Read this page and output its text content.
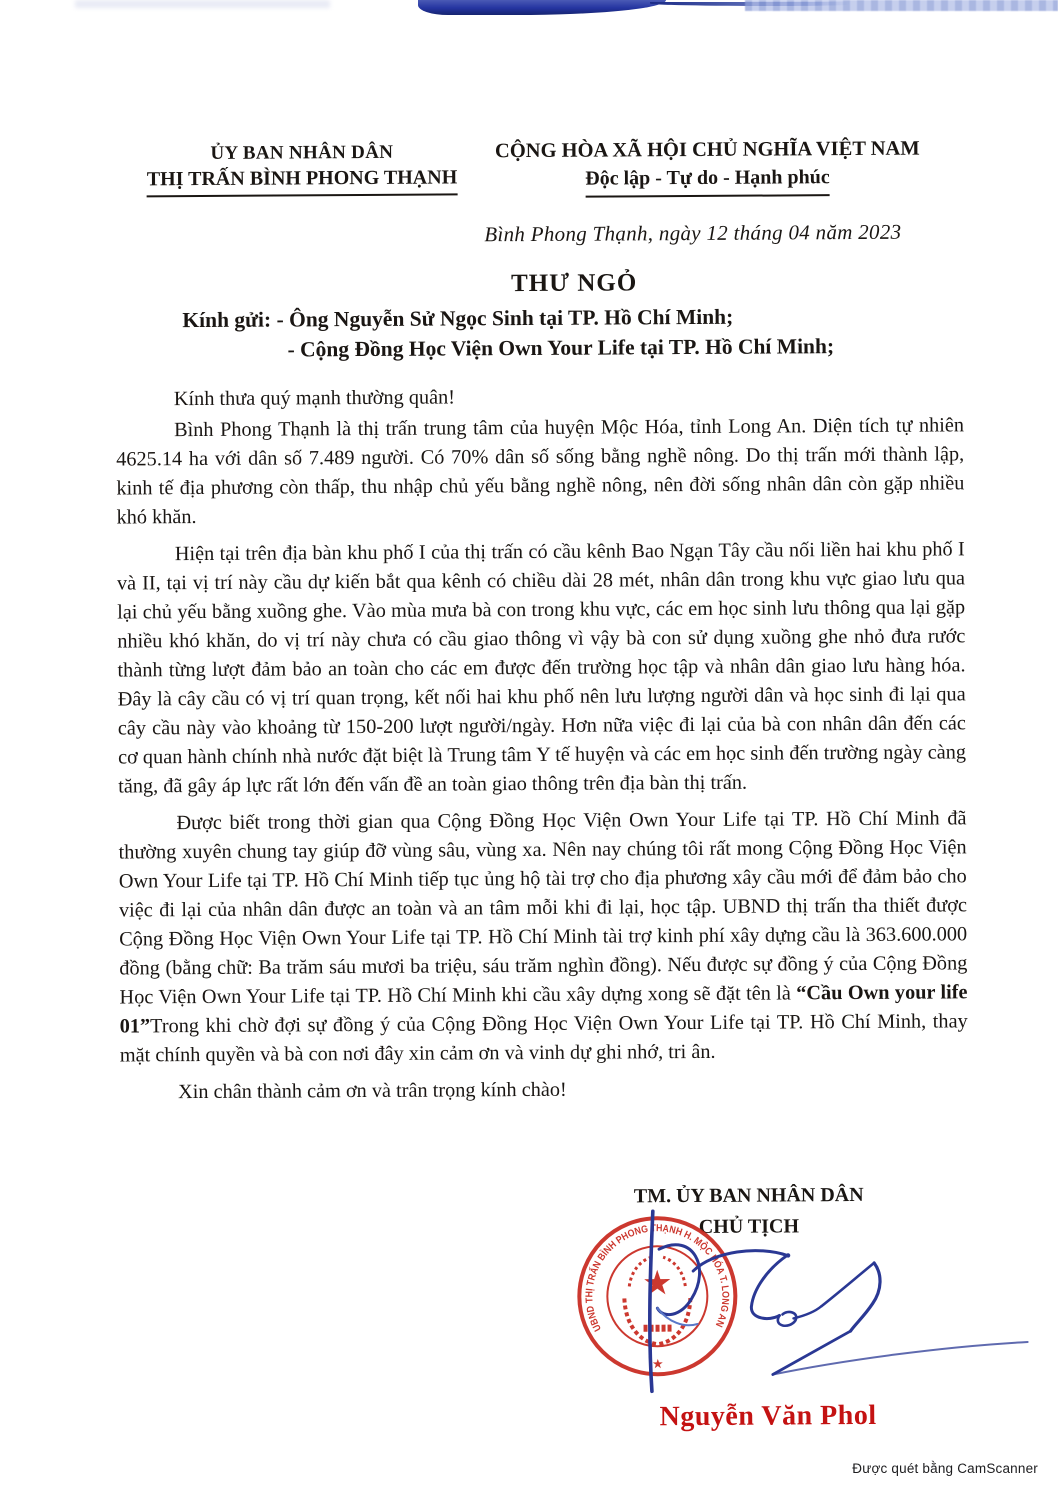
ỦY BAN NHÂN DÂN
THỊ TRẤN BÌNH PHONG THẠNH
CỘNG HÒA XÃ HỘI CHỦ NGHĨA VIỆT NAM
Độc lập - Tự do - Hạnh phúc
Bình Phong Thạnh, ngày 12 tháng 04 năm 2023
THƯ NGỎ
Kính gửi: - Ông Nguyễn Sử Ngọc Sinh tại TP. Hồ Chí Minh;
- Cộng Đồng Học Viện Own Your Life tại TP. Hồ Chí Minh;

Kính thưa quý mạnh thường quân!

Bình Phong Thạnh là thị trấn trung tâm của huyện Mộc Hóa, tỉnh Long An. Diện tích tự nhiên 4625.14 ha với dân số 7.489 người. Có 70% dân số sống bằng nghề nông. Do thị trấn mới thành lập, kinh tế địa phương còn thấp, thu nhập chủ yếu bằng nghề nông, nên đời sống nhân dân còn gặp nhiều khó khăn.

Hiện tại trên địa bàn khu phố I của thị trấn có cầu kênh Bao Ngạn Tây cầu nối liền hai khu phố I và II, tại vị trí này cầu dự kiến bắt qua kênh có chiều dài 28 mét, nhân dân trong khu vực giao lưu qua lại chủ yếu bằng xuồng ghe. Vào mùa mưa bà con trong khu vực, các em học sinh lưu thông qua lại gặp nhiều khó khăn, do vị trí này chưa có cầu giao thông vì vậy bà con sử dụng xuồng ghe nhỏ đưa rước thành từng lượt đảm bảo an toàn cho các em được đến trường học tập và nhân dân giao lưu hàng hóa. Đây là cây cầu có vị trí quan trọng, kết nối hai khu phố nên lưu lượng người dân và học sinh đi lại qua cây cầu này vào khoảng từ 150-200 lượt người/ngày. Hơn nữa việc đi lại của bà con nhân dân đến các cơ quan hành chính nhà nước đặt biệt là Trung tâm Y tế huyện và các em học sinh đến trường ngày càng tăng, đã gây áp lực rất lớn đến vấn đề an toàn giao thông trên địa bàn thị trấn.

Được biết trong thời gian qua Cộng Đồng Học Viện Own Your Life tại TP. Hồ Chí Minh đã thường xuyên chung tay giúp đỡ vùng sâu, vùng xa. Nên nay chúng tôi rất mong Cộng Đồng Học Viện Own Your Life tại TP. Hồ Chí Minh tiếp tục ủng hộ tài trợ cho địa phương xây cầu mới để đảm bảo cho việc đi lại của nhân dân được an toàn và an tâm mỗi khi đi lại, học tập. UBND thị trấn tha thiết được Cộng Đồng Học Viện Own Your Life tại TP. Hồ Chí Minh tài trợ kinh phí xây dựng cầu là 363.600.000 đồng (bằng chữ: Ba trăm sáu mươi ba triệu, sáu trăm nghìn đồng). Nếu được sự đồng ý của Cộng Đồng Học Viện Own Your Life tại TP. Hồ Chí Minh khi cầu xây dựng xong sẽ đặt tên là “Cầu Own your life 01”Trong khi chờ đợi sự đồng ý của Cộng Đồng Học Viện Own Your Life tại TP. Hồ Chí Minh, thay mặt chính quyền và bà con nơi đây xin cảm ơn và vinh dự ghi nhớ, tri ân.

Xin chân thành cảm ơn và trân trọng kính chào!

TM. ỦY BAN NHÂN DÂN
CHỦ TỊCH
UBND THỊ TRẤN BÌNH PHONG THẠNH H. MỘC HÓA T. LONG AN
★
★
Nguyễn Văn Phol
Được quét bằng CamScanner
